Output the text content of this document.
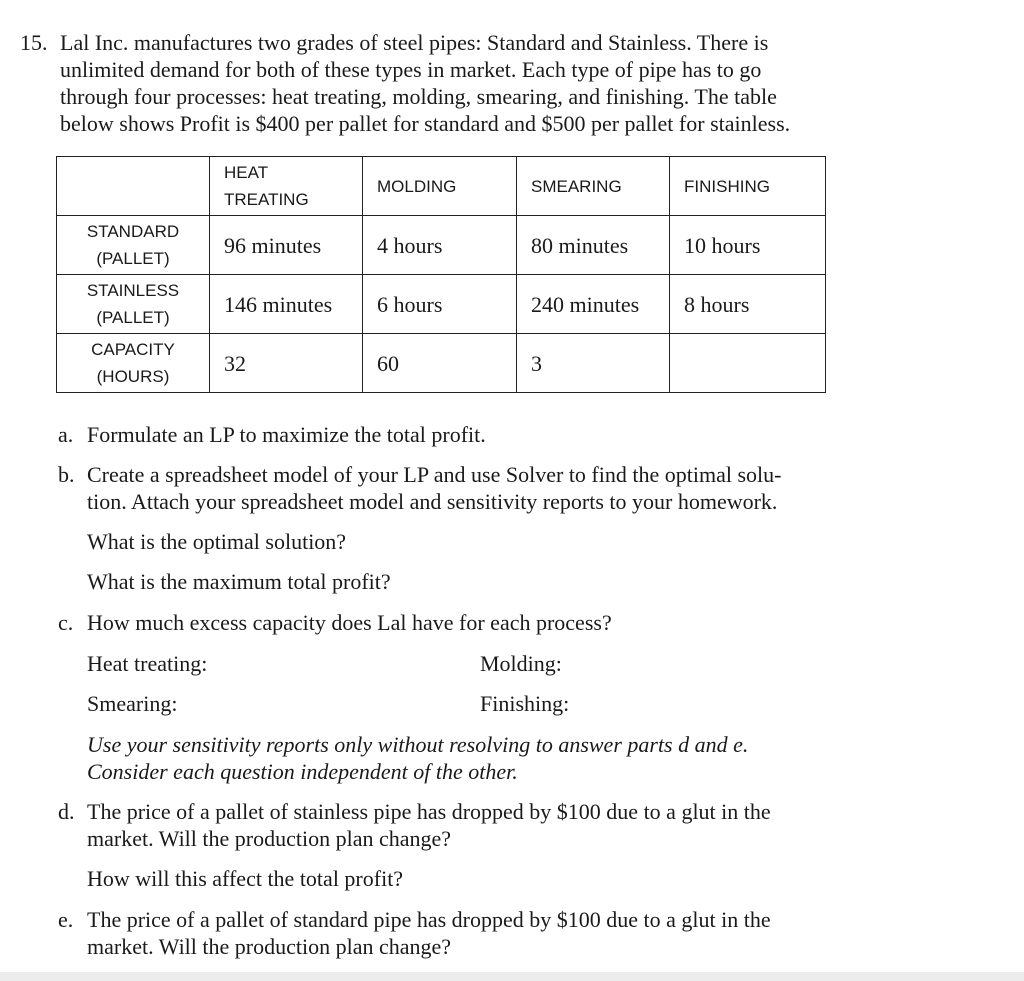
15. Lal Inc. manufactures two grades of steel pipes: Standard and Stainless. There is
unlimited demand for both of these types in market. Each type of pipe has to go
through four processes: heat treating, molding, smearing, and finishing. The table
below shows Profit is $400 per pallet for standard and $500 per pallet for stainless.

	HEAT
TREATING	MOLDING	SMEARING	FINISHING

STANDARD
(PALLET)	96 minutes	4 hours	80 minutes	10 hours

STAINLESS
(PALLET)	146 minutes	6 hours	240 minutes	8 hours

CAPACITY
(HOURS)	32	60	3	
a. Formulate an LP to maximize the total profit.
b. Create a spreadsheet model of your LP and use Solver to find the optimal solu-
tion. Attach your spreadsheet model and sensitivity reports to your homework.
What is the optimal solution?
What is the maximum total profit?
c. How much excess capacity does Lal have for each process?
Heat treating:	Molding:
Smearing:	Finishing:
Use your sensitivity reports only without resolving to answer parts d and e.
Consider each question independent of the other.
d. The price of a pallet of stainless pipe has dropped by $100 due to a glut in the
market. Will the production plan change?
How will this affect the total profit?
e. The price of a pallet of standard pipe has dropped by $100 due to a glut in the
market. Will the production plan change?
